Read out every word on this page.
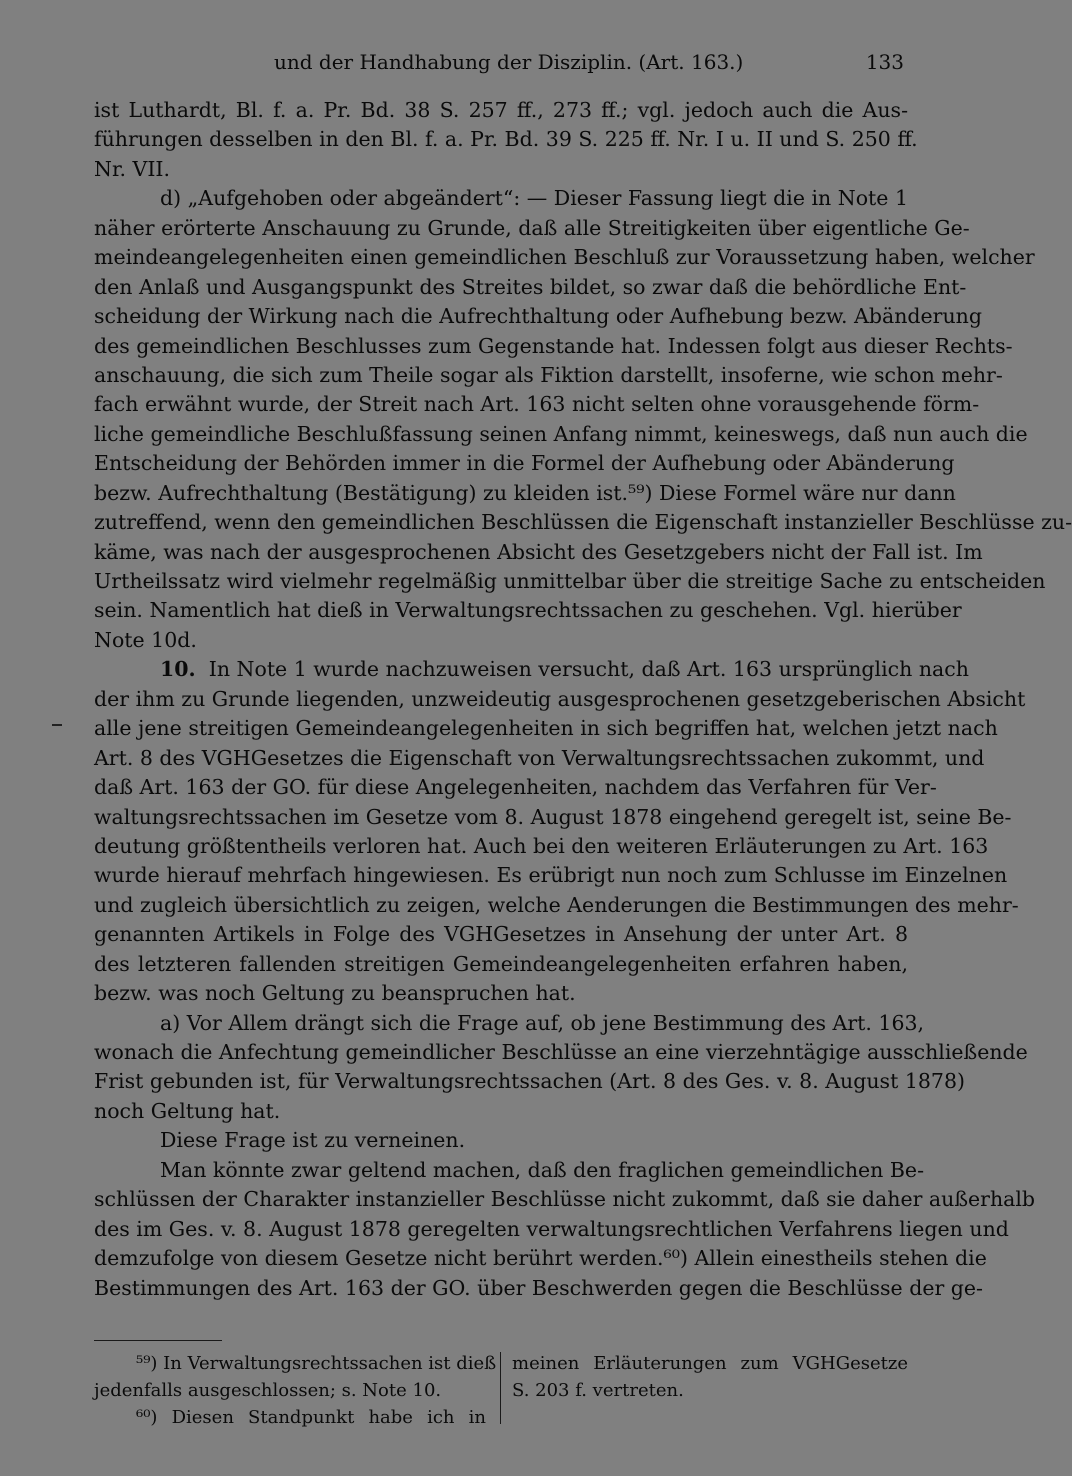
und der Handhabung der Disziplin. (Art. 163.)	133
ist Luthardt, Bl. f. a. Pr. Bd. 38 S. 257 ff., 273 ff.; vgl. jedoch auch die Aus-
führungen desselben in den Bl. f. a. Pr. Bd. 39 S. 225 ff. Nr. I u. II und S. 250 ff.
Nr. VII.
d) „Aufgehoben oder abgeändert“: — Dieser Fassung liegt die in Note 1
näher erörterte Anschauung zu Grunde, daß alle Streitigkeiten über eigentliche Ge-
meindeangelegenheiten einen gemeindlichen Beschluß zur Voraussetzung haben, welcher
den Anlaß und Ausgangspunkt des Streites bildet, so zwar daß die behördliche Ent-
scheidung der Wirkung nach die Aufrechthaltung oder Aufhebung bezw. Abänderung
des gemeindlichen Beschlusses zum Gegenstande hat. Indessen folgt aus dieser Rechts-
anschauung, die sich zum Theile sogar als Fiktion darstellt, insoferne, wie schon mehr-
fach erwähnt wurde, der Streit nach Art. 163 nicht selten ohne vorausgehende förm-
liche gemeindliche Beschlußfassung seinen Anfang nimmt, keineswegs, daß nun auch die
Entscheidung der Behörden immer in die Formel der Aufhebung oder Abänderung
bezw. Aufrechthaltung (Bestätigung) zu kleiden ist.⁵⁹) Diese Formel wäre nur dann
zutreffend, wenn den gemeindlichen Beschlüssen die Eigenschaft instanzieller Beschlüsse zu-
käme, was nach der ausgesprochenen Absicht des Gesetzgebers nicht der Fall ist. Im
Urtheilssatz wird vielmehr regelmäßig unmittelbar über die streitige Sache zu entscheiden
sein. Namentlich hat dieß in Verwaltungsrechtssachen zu geschehen. Vgl. hierüber
Note 10d.
10. In Note 1 wurde nachzuweisen versucht, daß Art. 163 ursprünglich nach
der ihm zu Grunde liegenden, unzweideutig ausgesprochenen gesetzgeberischen Absicht
alle jene streitigen Gemeindeangelegenheiten in sich begriffen hat, welchen jetzt nach
Art. 8 des VGHGesetzes die Eigenschaft von Verwaltungsrechtssachen zukommt, und
daß Art. 163 der GO. für diese Angelegenheiten, nachdem das Verfahren für Ver-
waltungsrechtssachen im Gesetze vom 8. August 1878 eingehend geregelt ist, seine Be-
deutung größtentheils verloren hat. Auch bei den weiteren Erläuterungen zu Art. 163
wurde hierauf mehrfach hingewiesen. Es erübrigt nun noch zum Schlusse im Einzelnen
und zugleich übersichtlich zu zeigen, welche Aenderungen die Bestimmungen des mehr-
genannten Artikels in Folge des VGHGesetzes in Ansehung der unter Art. 8
des letzteren fallenden streitigen Gemeindeangelegenheiten erfahren haben,
bezw. was noch Geltung zu beanspruchen hat.
a) Vor Allem drängt sich die Frage auf, ob jene Bestimmung des Art. 163,
wonach die Anfechtung gemeindlicher Beschlüsse an eine vierzehntägige ausschließende
Frist gebunden ist, für Verwaltungsrechtssachen (Art. 8 des Ges. v. 8. August 1878)
noch Geltung hat.
Diese Frage ist zu verneinen.
Man könnte zwar geltend machen, daß den fraglichen gemeindlichen Be-
schlüssen der Charakter instanzieller Beschlüsse nicht zukommt, daß sie daher außerhalb
des im Ges. v. 8. August 1878 geregelten verwaltungsrechtlichen Verfahrens liegen und
demzufolge von diesem Gesetze nicht berührt werden.⁶⁰) Allein einestheils stehen die
Bestimmungen des Art. 163 der GO. über Beschwerden gegen die Beschlüsse der ge-
⁵⁹) In Verwaltungsrechtssachen ist dieß
jedenfalls ausgeschlossen; s. Note 10.
⁶⁰) Diesen Standpunkt habe ich in
meinen Erläuterungen zum VGHGesetze
S. 203 f. vertreten.
